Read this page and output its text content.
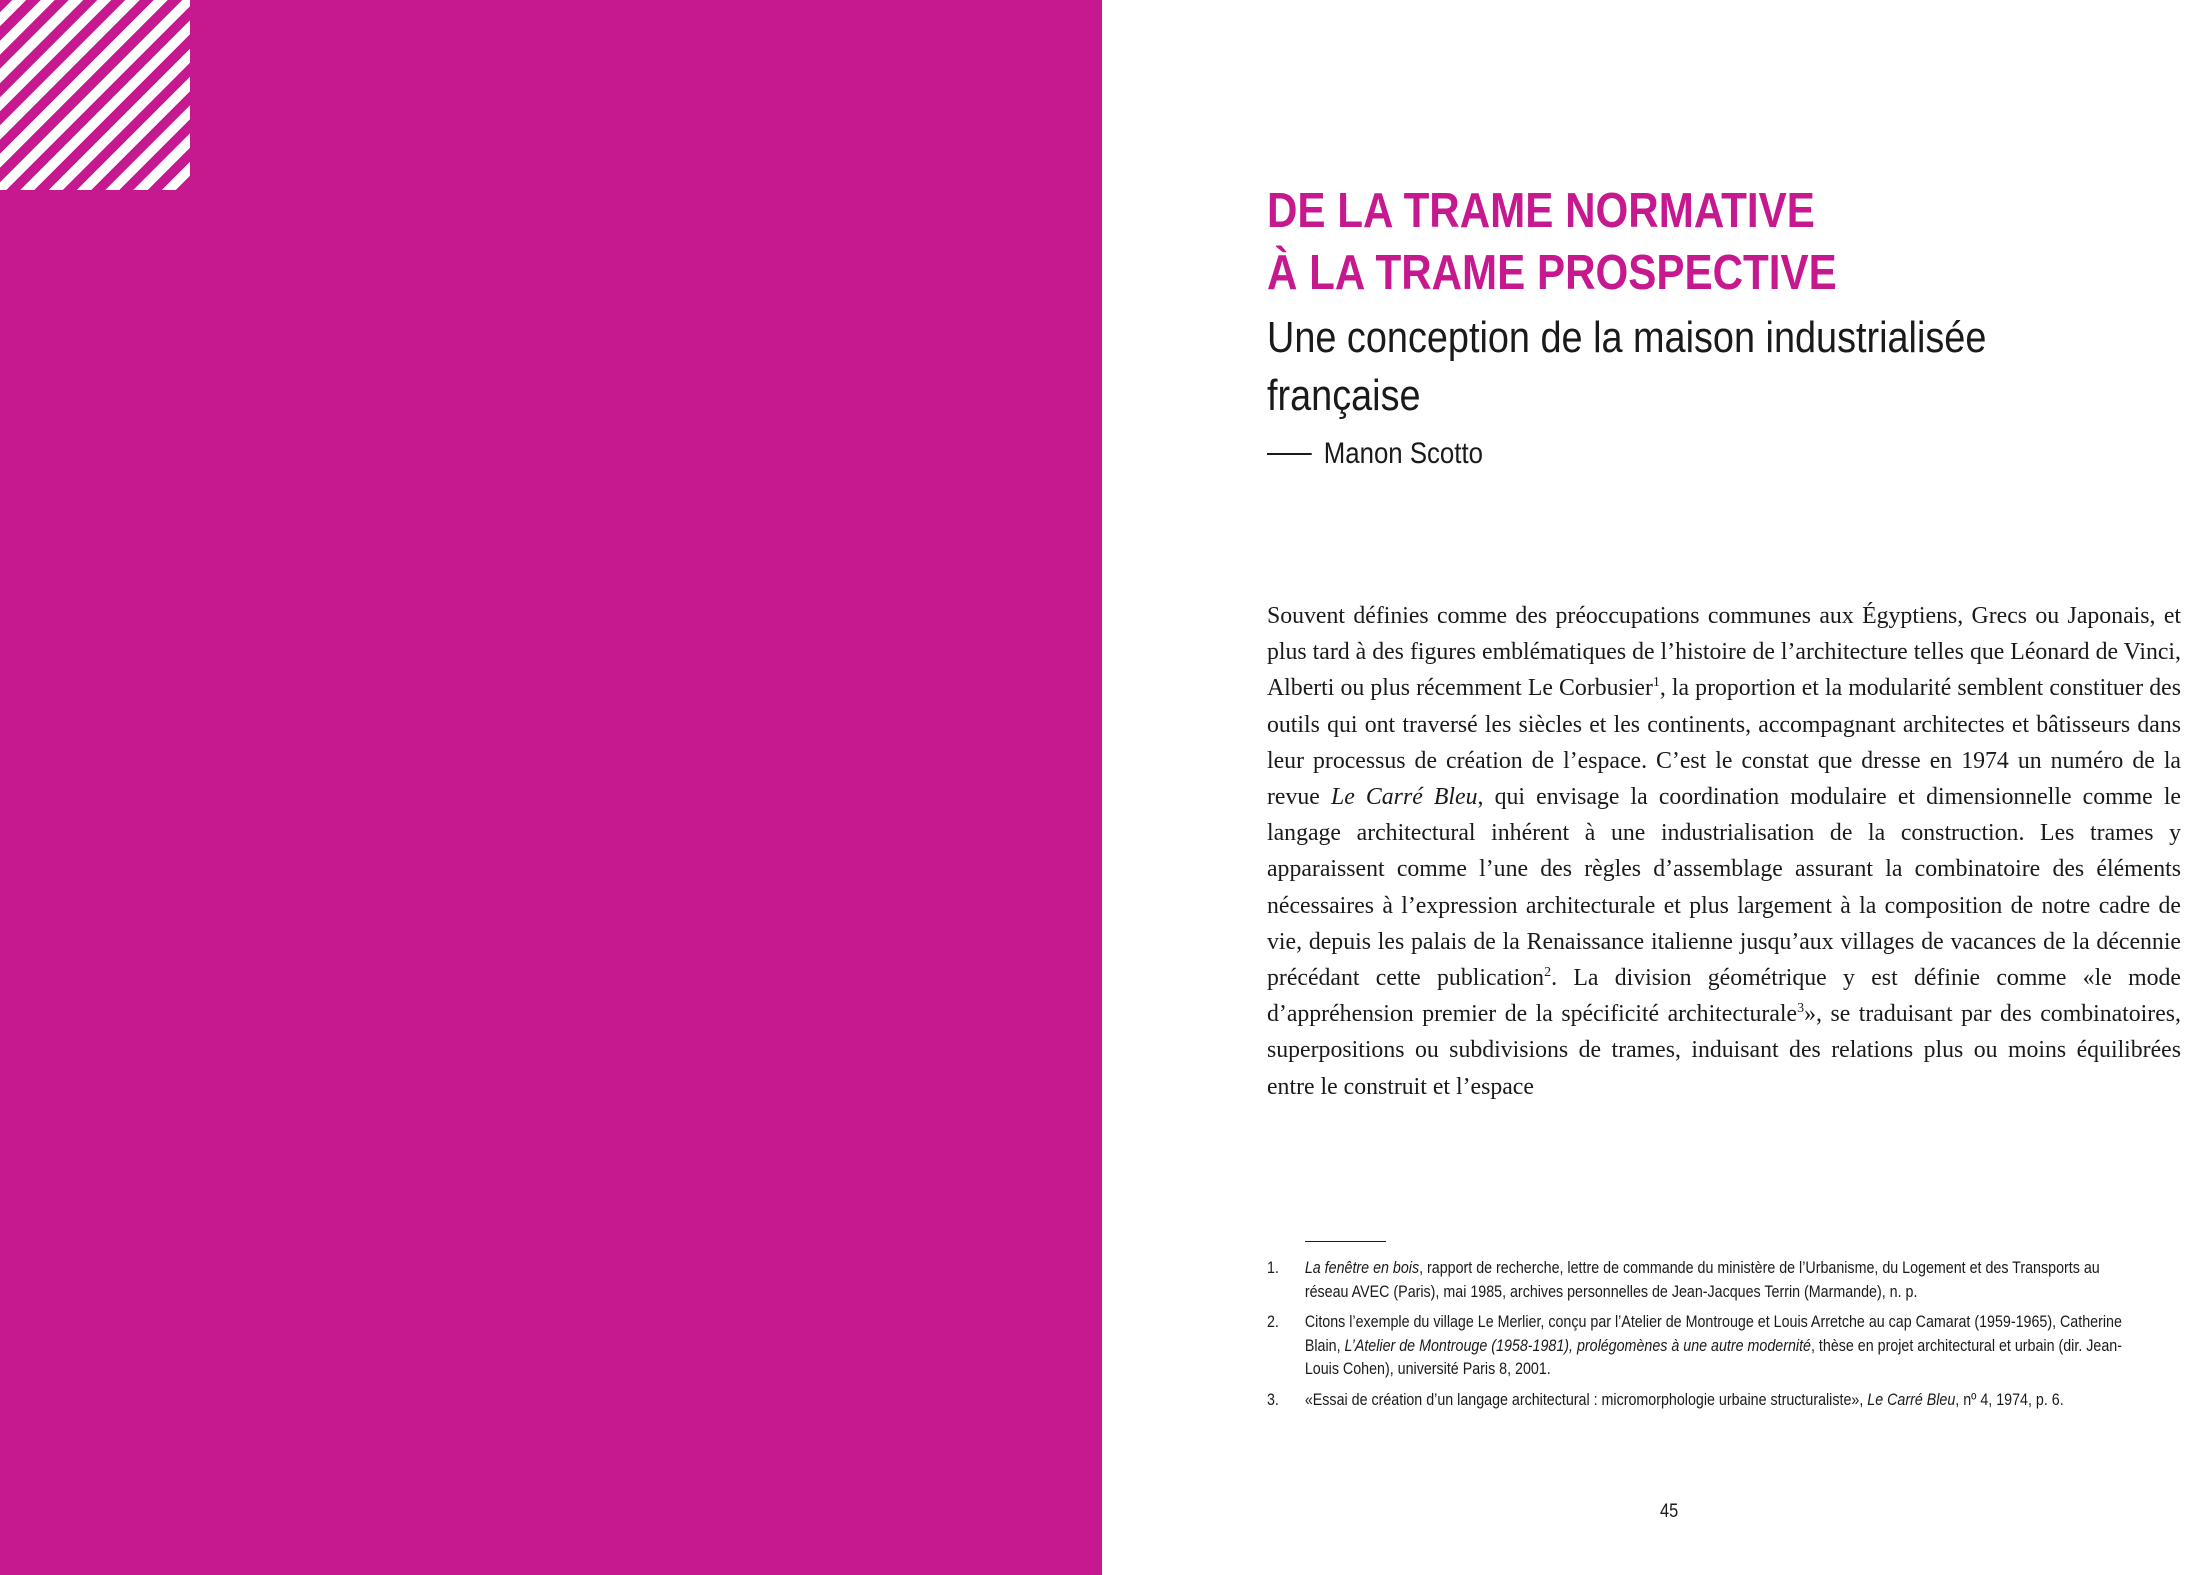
DE LA TRAME NORMATIVE
À LA TRAME PROSPECTIVE
Une conception de la maison industrialisée française
Manon Scotto
Souvent définies comme des préoccupations communes aux Égyptiens, Grecs ou Japonais, et plus tard à des figures emblématiques de l’histoire de l’architecture telles que Léonard de Vinci, Alberti ou plus récemment Le Corbusier$^1$, la proportion et la modularité semblent constituer des outils qui ont traversé les siècles et les continents, accompagnant architectes et bâtisseurs dans leur processus de création de l’espace. C’est le constat que dresse en 1974 un numéro de la revue Le Carré Bleu, qui envisage la coordination modulaire et dimensionnelle comme le langage architectural inhérent à une industrialisation de la construction. Les trames y apparaissent comme l’une des règles d’assemblage assurant la combinatoire des éléments nécessaires à l’expression architecturale et plus largement à la composition de notre cadre de vie, depuis les palais de la Renaissance italienne jusqu’aux villages de vacances de la décennie précédant cette publication$^2$. La division géométrique y est définie comme «le mode d’appréhension premier de la spécificité architecturale$^3$», se traduisant par des combinatoires, superpositions ou subdivisions de trames, induisant des relations plus ou moins équilibrées entre le construit et l’espace
1.	La fenêtre en bois, rapport de recherche, lettre de commande du ministère de l’Urbanisme, du Logement et des Transports au réseau AVEC (Paris), mai 1985, archives personnelles de Jean-Jacques Terrin (Marmande), n. p.
2.	Citons l’exemple du village Le Merlier, conçu par l’Atelier de Montrouge et Louis Arretche au cap Camarat (1959-1965), Catherine Blain, L’Atelier de Montrouge (1958-1981), prolégomènes à une autre modernité, thèse en projet architectural et urbain (dir. Jean-Louis Cohen), université Paris 8, 2001.
3.	«Essai de création d’un langage architectural : micromorphologie urbaine structuraliste», Le Carré Bleu, nº 4, 1974, p. 6.
45
